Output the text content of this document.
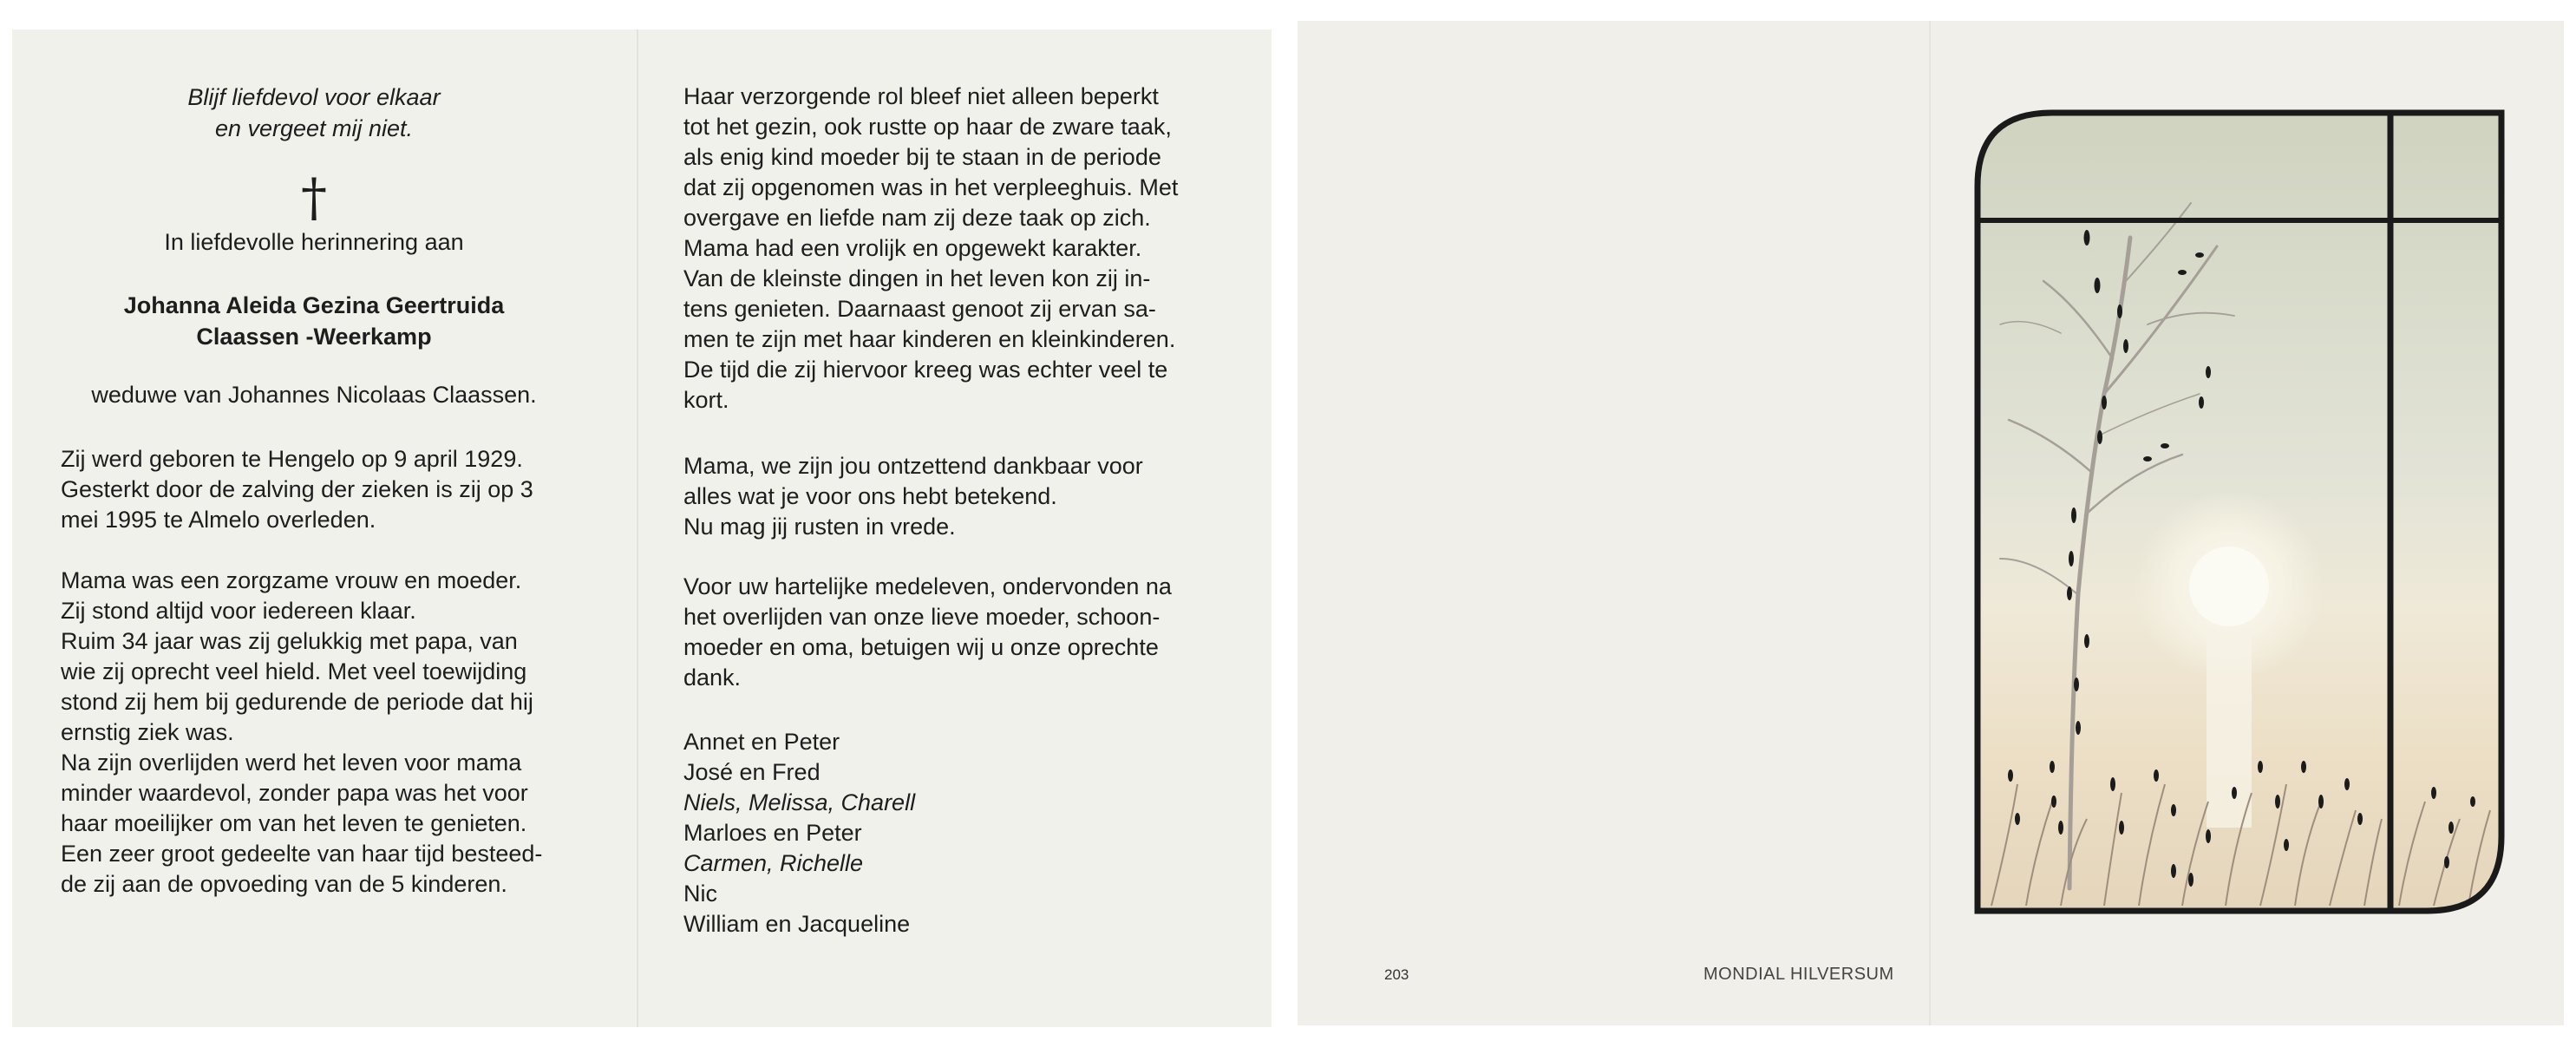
Blijf liefdevol voor elkaar
en vergeet mij niet.
†
In liefdevolle herinnering aan
Johanna Aleida Gezina Geertruida
Claassen -Weerkamp
weduwe van Johannes Nicolaas Claassen.
Zij werd geboren te Hengelo op 9 april 1929.
Gesterkt door de zalving der zieken is zij op 3
mei 1995 te Almelo overleden.
Mama was een zorgzame vrouw en moeder.
Zij stond altijd voor iedereen klaar.
Ruim 34 jaar was zij gelukkig met papa, van
wie zij oprecht veel hield. Met veel toewijding
stond zij hem bij gedurende de periode dat hij
ernstig ziek was.
Na zijn overlijden werd het leven voor mama
minder waardevol, zonder papa was het voor
haar moeilijker om van het leven te genieten.
Een zeer groot gedeelte van haar tijd besteed-
de zij aan de opvoeding van de 5 kinderen.
Haar verzorgende rol bleef niet alleen beperkt
tot het gezin, ook rustte op haar de zware taak,
als enig kind moeder bij te staan in de periode
dat zij opgenomen was in het verpleeghuis. Met
overgave en liefde nam zij deze taak op zich.
Mama had een vrolijk en opgewekt karakter.
Van de kleinste dingen in het leven kon zij in-
tens genieten. Daarnaast genoot zij ervan sa-
men te zijn met haar kinderen en kleinkinderen.
De tijd die zij hiervoor kreeg was echter veel te
kort.
Mama, we zijn jou ontzettend dankbaar voor
alles wat je voor ons hebt betekend.
Nu mag jij rusten in vrede.
Voor uw hartelijke medeleven, ondervonden na
het overlijden van onze lieve moeder, schoon-
moeder en oma, betuigen wij u onze oprechte
dank.
Annet en Peter
José en Fred
Niels, Melissa, Charell
Marloes en Peter
Carmen, Richelle
Nic
William en Jacqueline
203	MONDIAL HILVERSUM
